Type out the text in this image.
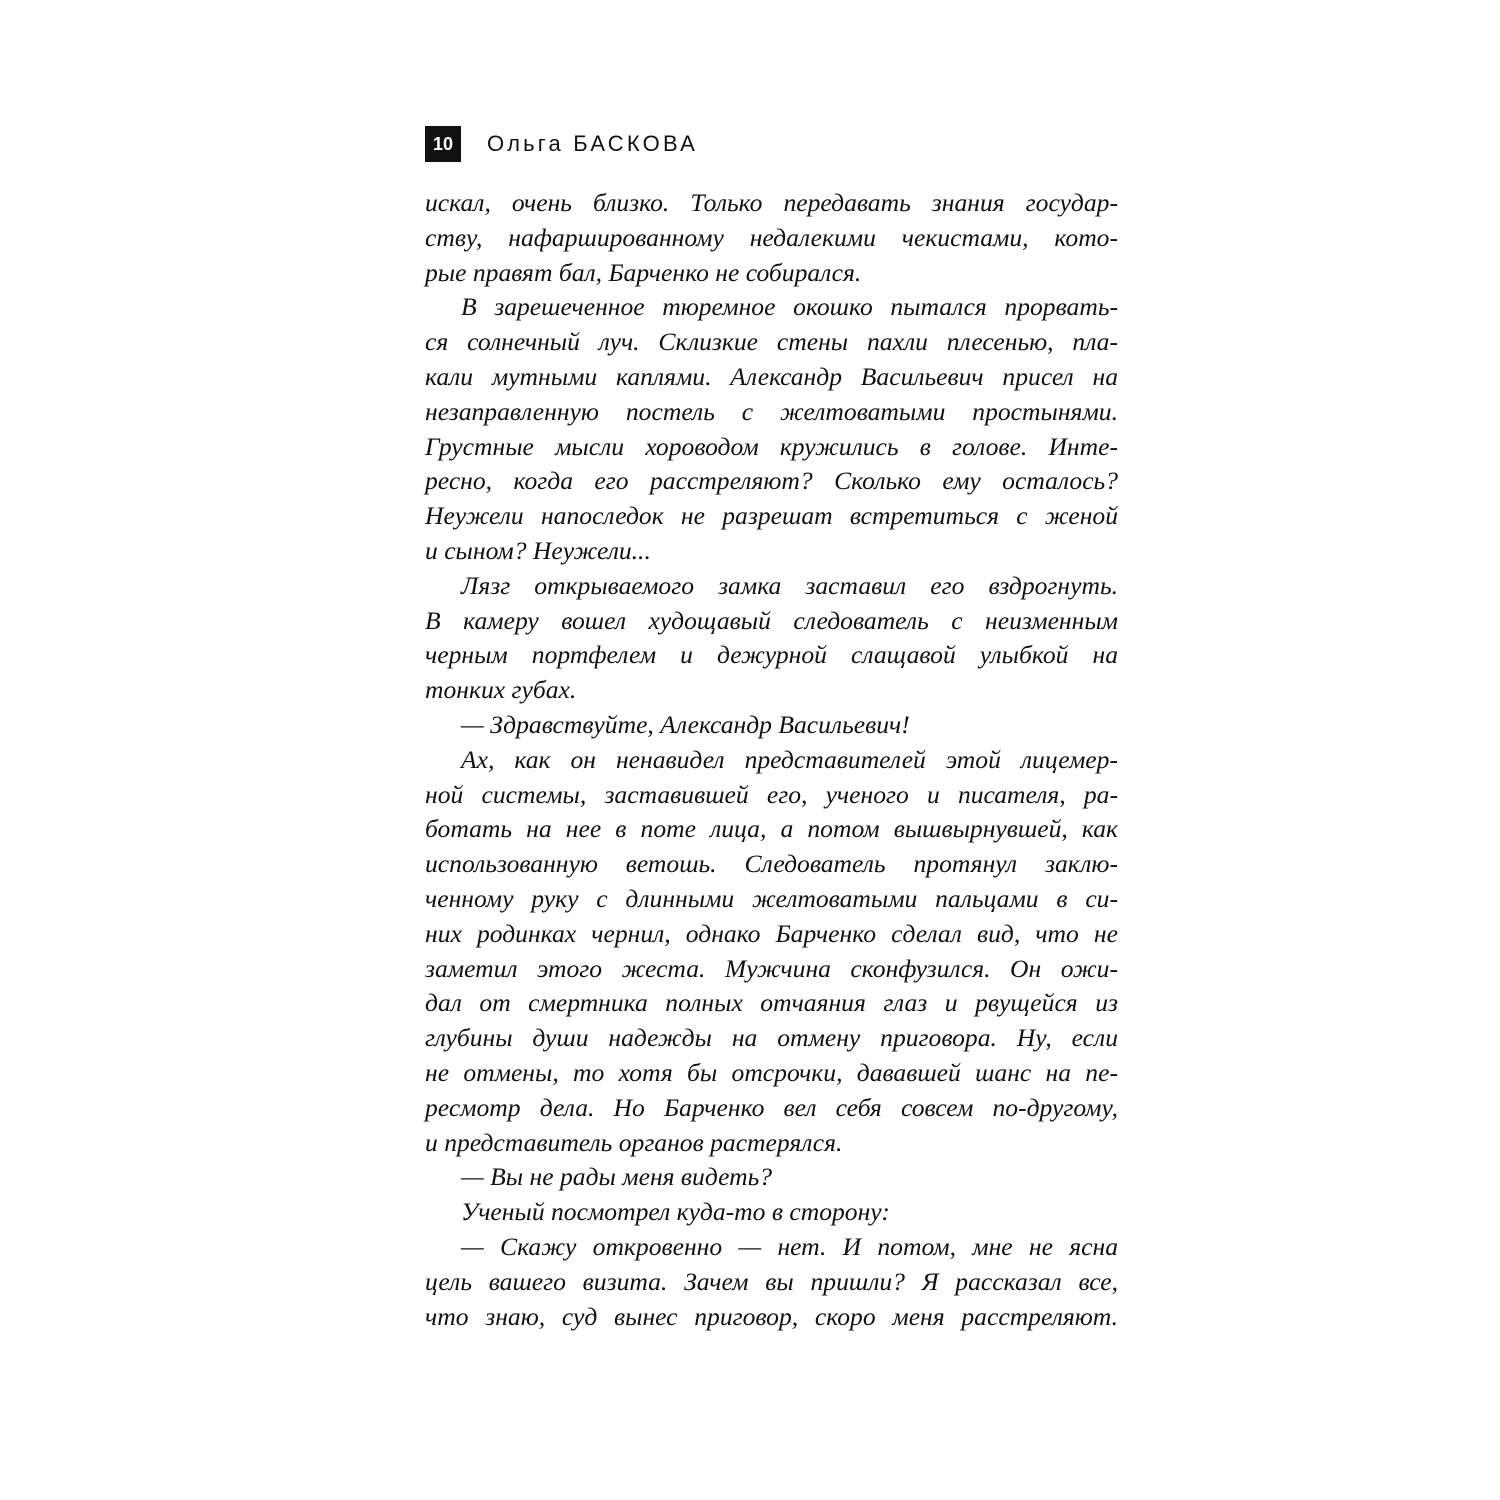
10	Ольга БАСКОВА
искал, очень близко. Только передавать знания государ-
ству, нафаршированному недалекими чекистами, кото-
рые правят бал, Барченко не собирался.
В зарешеченное тюремное окошко пытался прорвать-
ся солнечный луч. Склизкие стены пахли плесенью, пла-
кали мутными каплями. Александр Васильевич присел на
незаправленную постель с желтоватыми простынями.
Грустные мысли хороводом кружились в голове. Инте-
ресно, когда его расстреляют? Сколько ему осталось?
Неужели напоследок не разрешат встретиться с женой
и сыном? Неужели...
Лязг открываемого замка заставил его вздрогнуть.
В камеру вошел худощавый следователь с неизменным
черным портфелем и дежурной слащавой улыбкой на
тонких губах.
— Здравствуйте, Александр Васильевич!
Ах, как он ненавидел представителей этой лицемер-
ной системы, заставившей его, ученого и писателя, ра-
ботать на нее в поте лица, а потом вышвырнувшей, как
использованную ветошь. Следователь протянул заклю-
ченному руку с длинными желтоватыми пальцами в си-
них родинках чернил, однако Барченко сделал вид, что не
заметил этого жеста. Мужчина сконфузился. Он ожи-
дал от смертника полных отчаяния глаз и рвущейся из
глубины души надежды на отмену приговора. Ну, если
не отмены, то хотя бы отсрочки, дававшей шанс на пе-
ресмотр дела. Но Барченко вел себя совсем по-другому,
и представитель органов растерялся.
— Вы не рады меня видеть?
Ученый посмотрел куда-то в сторону:
— Скажу откровенно — нет. И потом, мне не ясна
цель вашего визита. Зачем вы пришли? Я рассказал все,
что знаю, суд вынес приговор, скоро меня расстреляют.
